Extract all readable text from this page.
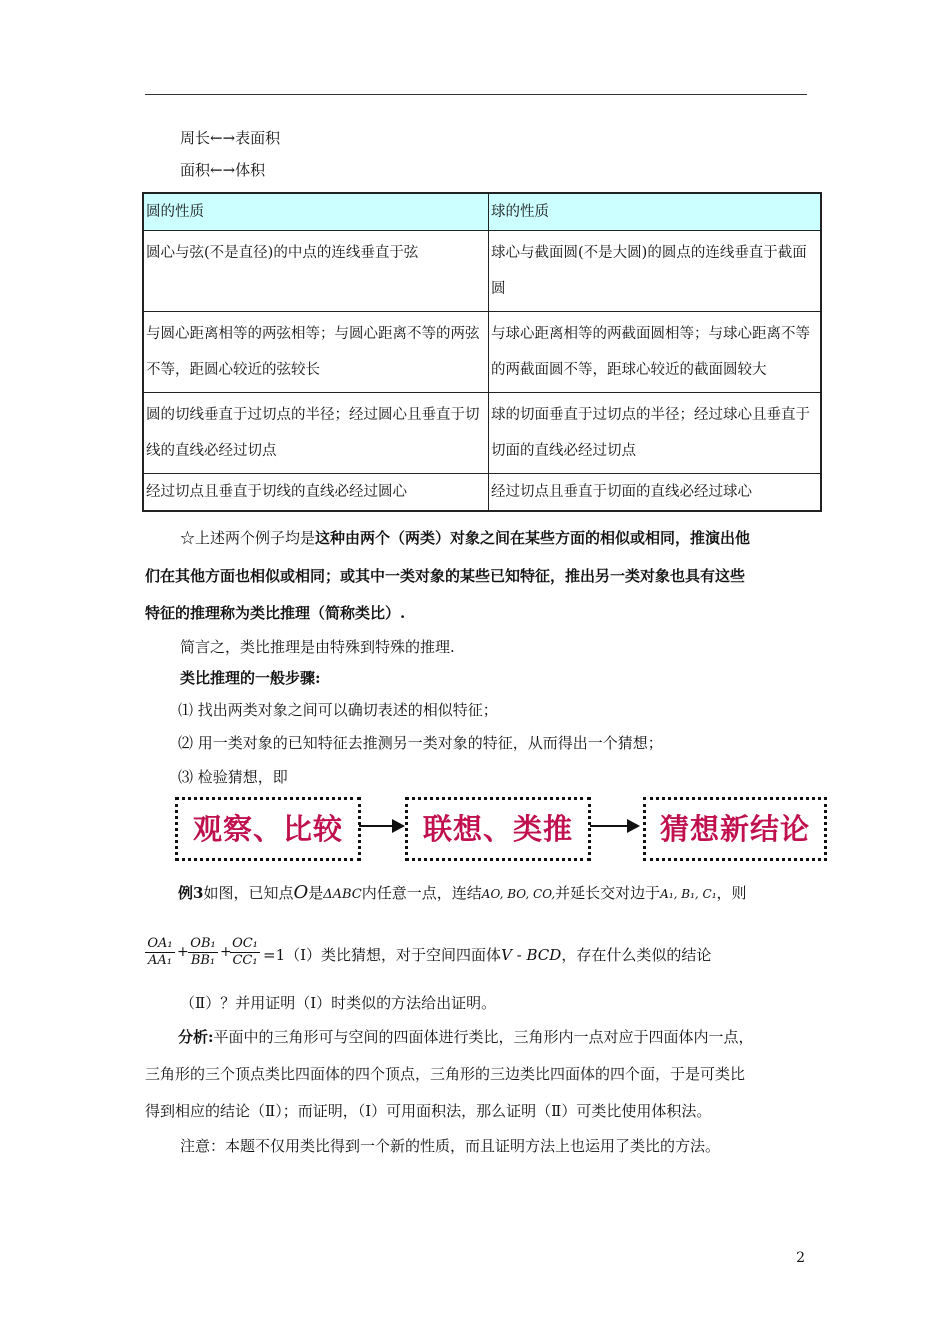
周长←→表面积
面积←→体积
圆的性质	球的性质
圆心与弦(不是直径)的中点的连线垂直于弦	球心与截面圆(不是大圆)的圆点的连线垂直于截面圆
与圆心距离相等的两弦相等；与圆心距离不等的两弦不等，距圆心较近的弦较长	与球心距离相等的两截面圆相等；与球心距离不等的两截面圆不等，距球心较近的截面圆较大
圆的切线垂直于过切点的半径；经过圆心且垂直于切线的直线必经过切点	球的切面垂直于过切点的半径；经过球心且垂直于切面的直线必经过切点
经过切点且垂直于切线的直线必经过圆心	经过切点且垂直于切面的直线必经过球心
☆上述两个例子均是这种由两个（两类）对象之间在某些方面的相似或相同，推演出他
们在其他方面也相似或相同；或其中一类对象的某些已知特征，推出另一类对象也具有这些
特征的推理称为类比推理（简称类比）.
简言之，类比推理是由特殊到特殊的推理.
类比推理的一般步骤:
⑴ 找出两类对象之间可以确切表述的相似特征；
⑵ 用一类对象的已知特征去推测另一类对象的特征，从而得出一个猜想；
⑶ 检验猜想，即
观察、比较	联想、类推	猜想新结论
例3如图，已知点O是ΔABC内任意一点，连结AO, BO, CO,并延长交对边于A₁, B₁, C₁，则
$\frac{\text{OA₁}}{\text{AA₁}} + \frac{\text{OB₁}}{\text{BB₁}}$ +
$\frac{\text{OC₁}}{\text{CC₁}}$ =1（Ⅰ）类比猜想，对于空间四面体V - BCD，存在什么类似的结论
（Ⅱ）？并用证明（Ⅰ）时类似的方法给出证明。
分析:平面中的三角形可与空间的四面体进行类比，三角形内一点对应于四面体内一点，
三角形的三个顶点类比四面体的四个顶点，三角形的三边类比四面体的四个面，于是可类比
得到相应的结论（Ⅱ）；而证明，（Ⅰ）可用面积法，那么证明（Ⅱ）可类比使用体积法。
注意：本题不仅用类比得到一个新的性质，而且证明方法上也运用了类比的方法。
2
